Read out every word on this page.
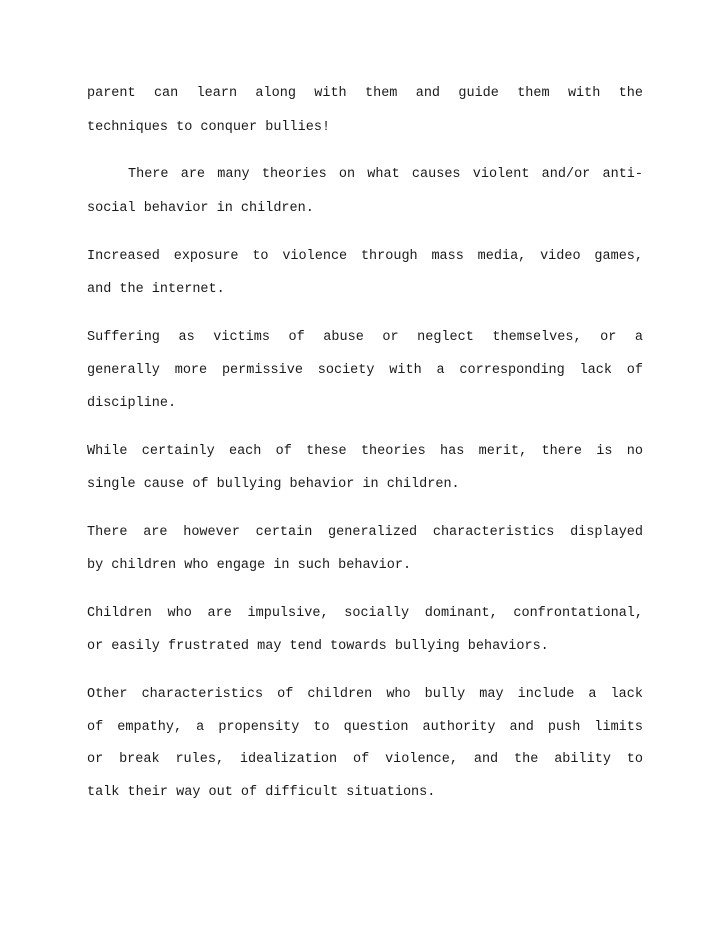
parent can learn along with them and guide them with the

techniques to conquer bullies!

There are many theories on what causes violent and/or anti-

social behavior in children.

Increased exposure to violence through mass media, video games,

and the internet.

Suffering as victims of abuse or neglect themselves, or a

generally more permissive society with a corresponding lack of

discipline.

While certainly each of these theories has merit, there is no

single cause of bullying behavior in children.

There are however certain generalized characteristics displayed

by children who engage in such behavior.

Children who are impulsive, socially dominant, confrontational,

or easily frustrated may tend towards bullying behaviors.

Other characteristics of children who bully may include a lack

of empathy, a propensity to question authority and push limits

or break rules, idealization of violence, and the ability to

talk their way out of difficult situations.
